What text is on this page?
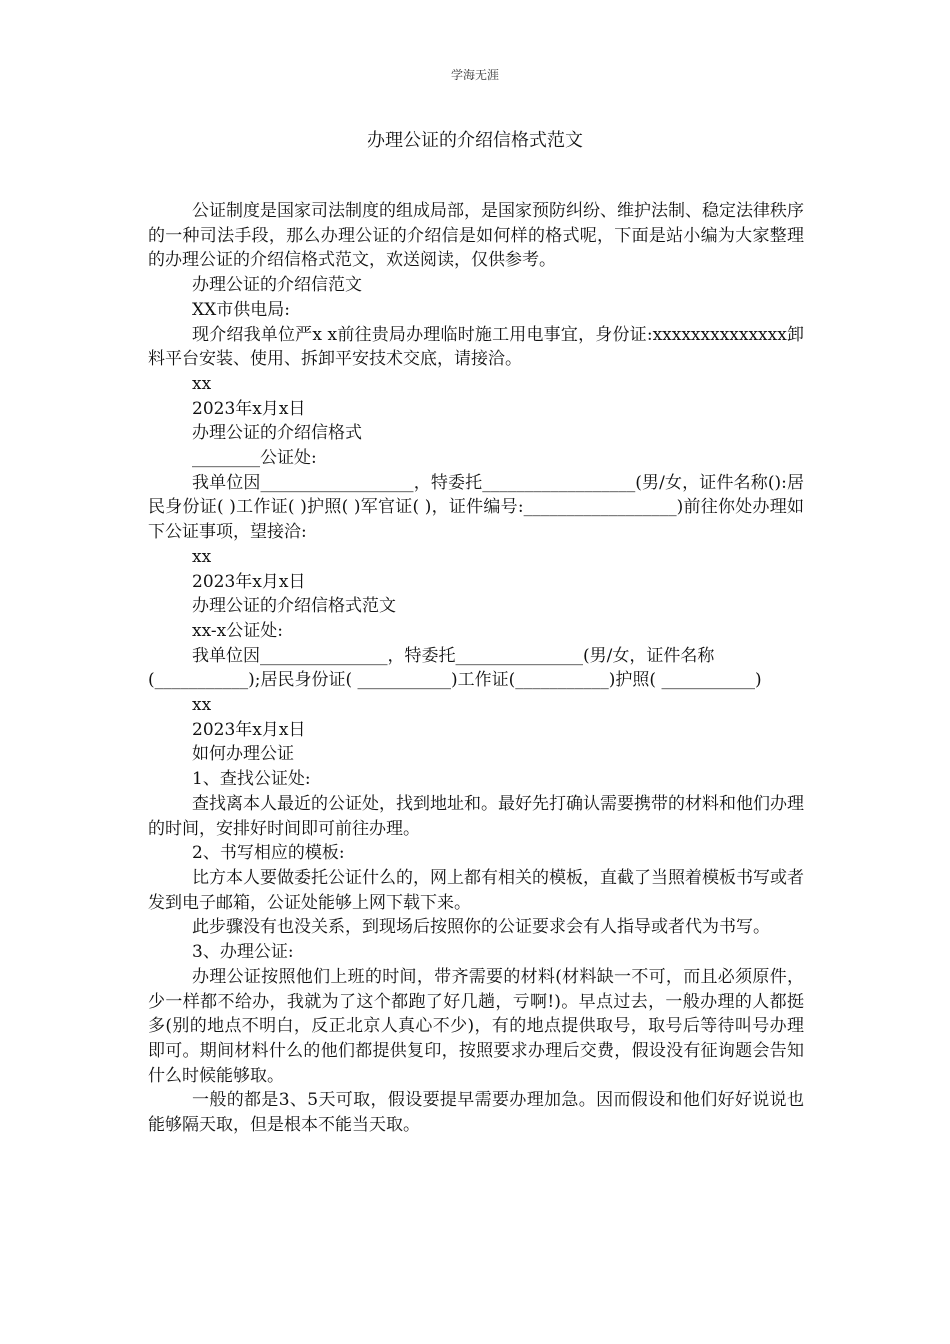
学海无涯
办理公证的介绍信格式范文

公证制度是国家司法制度的组成局部，是国家预防纠纷、维护法制、稳定法律秩序的一种司法手段，那么办理公证的介绍信是如何样的格式呢，下面是站小编为大家整理的办理公证的介绍信格式范文，欢送阅读，仅供参考。

办理公证的介绍信范文

XX市供电局:

现介绍我单位严x x前往贵局办理临时施工用电事宜，身份证:xxxxxxxxxxxxxx卸料平台安装、使用、拆卸平安技术交底，请接洽。

xx

2023年x月x日

办理公证的介绍信格式

________公证处:

我单位因__________________，特委托__________________(男/女，证件名称():居民身份证( )工作证( )护照( )军官证( )，证件编号:__________________)前往你处办理如下公证事项，望接洽:

xx

2023年x月x日

办理公证的介绍信格式范文

xx-x公证处:

我单位因_______________，特委托_______________(男/女，证件名称(___________);居民身份证( ___________)工作证(___________)护照( ___________)

xx

2023年x月x日

如何办理公证

1、查找公证处:

查找离本人最近的公证处，找到地址和。最好先打确认需要携带的材料和他们办理的时间，安排好时间即可前往办理。

2、书写相应的模板:

比方本人要做委托公证什么的，网上都有相关的模板，直截了当照着模板书写或者发到电子邮箱，公证处能够上网下载下来。

此步骤没有也没关系，到现场后按照你的公证要求会有人指导或者代为书写。

3、办理公证:

办理公证按照他们上班的时间，带齐需要的材料(材料缺一不可，而且必须原件，少一样都不给办，我就为了这个都跑了好几趟，亏啊!)。早点过去，一般办理的人都挺多(别的地点不明白，反正北京人真心不少)，有的地点提供取号，取号后等待叫号办理即可。期间材料什么的他们都提供复印，按照要求办理后交费，假设没有征询题会告知什么时候能够取。

一般的都是3、5天可取，假设要提早需要办理加急。因而假设和他们好好说说也能够隔天取，但是根本不能当天取。
